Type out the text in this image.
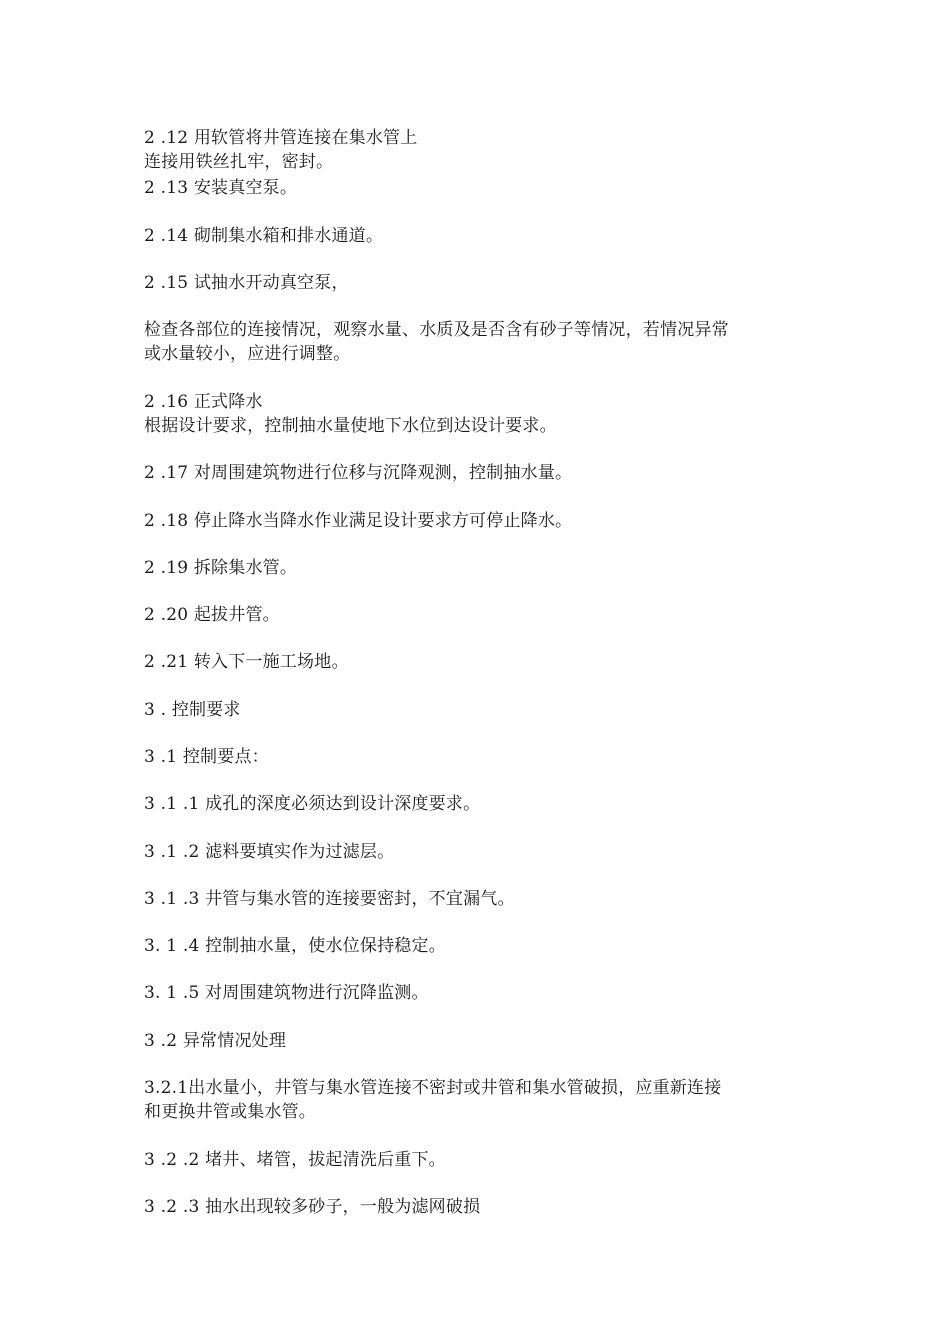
2 .12 用软管将井管连接在集水管上
连接用铁丝扎牢，密封。
2 .13 安装真空泵。
2 .14 砌制集水箱和排水通道。
2 .15 试抽水开动真空泵，
检查各部位的连接情况，观察水量、水质及是否含有砂子等情况，若情况异常
或水量较小，应进行调整。
2 .16 正式降水
根据设计要求，控制抽水量使地下水位到达设计要求。
2 .17 对周围建筑物进行位移与沉降观测，控制抽水量。
2 .18 停止降水当降水作业满足设计要求方可停止降水。
2 .19 拆除集水管。
2 .20 起拔井管。
2 .21 转入下一施工场地。
3 . 控制要求
3 .1 控制要点：
3 .1 .1 成孔的深度必须达到设计深度要求。
3 .1 .2 滤料要填实作为过滤层。
3 .1 .3 井管与集水管的连接要密封，不宜漏气。
3. 1 .4 控制抽水量，使水位保持稳定。
3. 1 .5 对周围建筑物进行沉降监测。
3 .2 异常情况处理
3.2.1出水量小，井管与集水管连接不密封或井管和集水管破损，应重新连接
和更换井管或集水管。
3 .2 .2 堵井、堵管，拔起清洗后重下。
3 .2 .3 抽水出现较多砂子，一般为滤网破损
